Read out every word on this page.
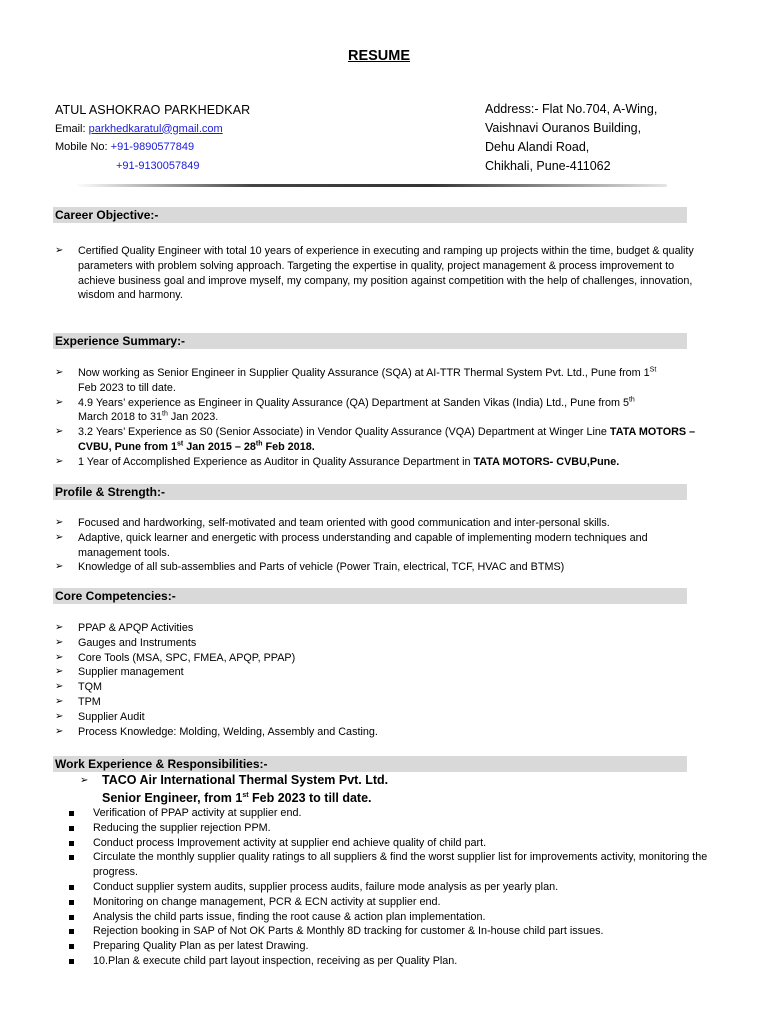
RESUME
ATUL ASHOKRAO PARKHEDKAR
Email: parkhedkaratul@gmail.com
Mobile No: +91-9890577849
+91-9130057849
Address:- Flat No.704, A-Wing,
Vaishnavi Ouranos Building,
Dehu Alandi Road,
Chikhali, Pune-411062
Career Objective:-
➢ Certified Quality Engineer with total 10 years of experience in executing and ramping up projects within the time, budget & quality parameters with problem solving approach. Targeting the expertise in quality, project management & process improvement to achieve business goal and improve myself, my company, my position against competition with the help of challenges, innovation, wisdom and harmony.
Experience Summary:-
➢ Now working as Senior Engineer in Supplier Quality Assurance (SQA) at AI-TTR Thermal System Pvt. Ltd., Pune from 1St
Feb 2023 to till date.
➢ 4.9 Years’ experience as Engineer in Quality Assurance (QA) Department at Sanden Vikas (India) Ltd., Pune from 5th
March 2018 to 31th Jan 2023.
➢ 3.2 Years’ Experience as S0 (Senior Associate) in Vendor Quality Assurance (VQA) Department at Winger Line TATA MOTORS –CVBU, Pune from 1st Jan 2015 – 28th Feb 2018.
➢ 1 Year of Accomplished Experience as Auditor in Quality Assurance Department in TATA MOTORS- CVBU,Pune.
Profile & Strength:-
➢ Focused and hardworking, self-motivated and team oriented with good communication and inter-personal skills.
➢ Adaptive, quick learner and energetic with process understanding and capable of implementing modern techniques and management tools.
➢ Knowledge of all sub-assemblies and Parts of vehicle (Power Train, electrical, TCF, HVAC and BTMS)
Core Competencies:-
➢ PPAP & APQP Activities
➢ Gauges and Instruments
➢ Core Tools (MSA, SPC, FMEA, APQP, PPAP)
➢ Supplier management
➢ TQM
➢ TPM
➢ Supplier Audit
➢ Process Knowledge: Molding, Welding, Assembly and Casting.
Work Experience & Responsibilities:-
➢ TACO Air International Thermal System Pvt. Ltd.
Senior Engineer, from 1st Feb 2023 to till date.
Verification of PPAP activity at supplier end.
Reducing the supplier rejection PPM.
Conduct process Improvement activity at supplier end achieve quality of child part.
Circulate the monthly supplier quality ratings to all suppliers & find the worst supplier list for improvements activity, monitoring the progress.
Conduct supplier system audits, supplier process audits, failure mode analysis as per yearly plan.
Monitoring on change management, PCR & ECN activity at supplier end.
Analysis the child parts issue, finding the root cause & action plan implementation.
Rejection booking in SAP of Not OK Parts & Monthly 8D tracking for customer & In-house child part issues.
Preparing Quality Plan as per latest Drawing.
10.Plan & execute child part layout inspection, receiving as per Quality Plan.
